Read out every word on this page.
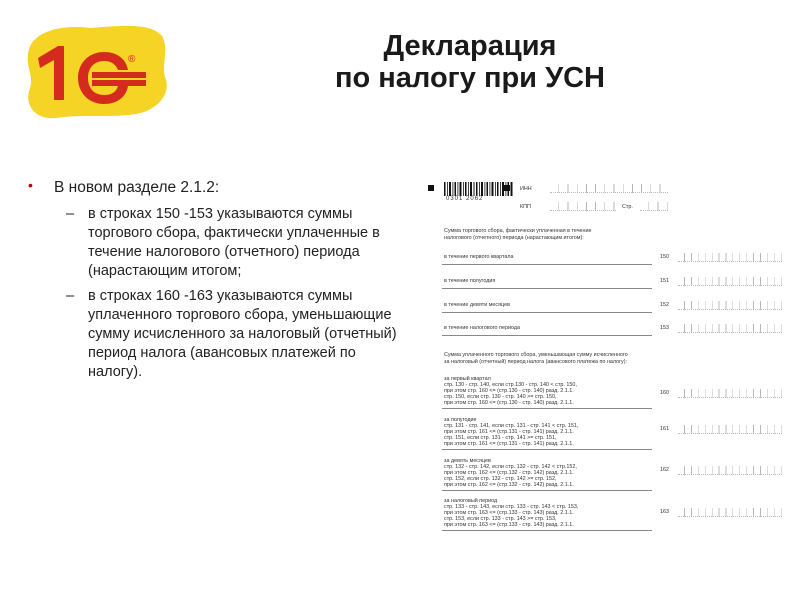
®	Декларация
по налогу при УСН
• В новом разделе 2.1.2:
– в строках 150 -153 указываются суммы торгового сбора, фактически уплаченные в течение налогового (отчетного) периода (нарастающим итогом;
– в строках 160 -163 указываются суммы уплаченного торгового сбора, уменьшающие сумму исчисленного за налоговый (отчетный) период налога (авансовых платежей по налогу).
0301 2062
ИНН
КПП	Стр.
Сумма торгового сбора, фактически уплаченная в течение
налогового (отчетного) периода (нарастающим итогом):
в течение первого квартала	150
в течение полугодия	151
в течение девяти месяцев	152
в течение налогового периода	153
Сумма уплаченного торгового сбора, уменьшающая сумму исчисленного
за налоговый (отчетный) период налога (авансового платежа по налогу):
за первый квартал
стр. 130 - стр. 140, если стр.130 - стр. 140 < стр. 150,
при этом стр. 160 <= (стр.130 - стр. 140) разд. 2.1.1.
стр. 150, если стр. 130 - стр. 140 >= стр. 150,
при этом стр. 160 <= (стр.130 - стр. 140) разд. 2.1.1.
160
за полугодие
стр. 131 - стр. 141, если стр. 131 - стр. 141 < стр. 151,
при этом стр. 161 <= (стр.131 - стр. 141) разд. 2.1.1.
стр. 151, если стр. 131 - стр. 141 >= стр. 151,
при этом стр. 161 <= (стр.131 - стр. 141) разд. 2.1.1.
161
за девять месяцев
стр. 132 - стр. 142, если стр. 132 - стр. 142 < стр.152,
при этом стр. 162 <= (стр.132 - стр. 142) разд. 2.1.1.
стр. 152, если стр. 132 - стр. 142 >= стр. 152,
при этом стр. 162 <= (стр.132 - стр. 142) разд. 2.1.1.
162
за налоговый период
стр. 133 - стр. 143, если стр. 133 - стр. 143 < стр. 153,
при этом стр. 163 <= (стр.133 - стр. 143) разд. 2.1.1.
стр. 153, если стр. 133 - стр. 143 >= стр. 153,
при этом стр. 163 <= (стр.133 - стр. 143) разд. 2.1.1.
163
